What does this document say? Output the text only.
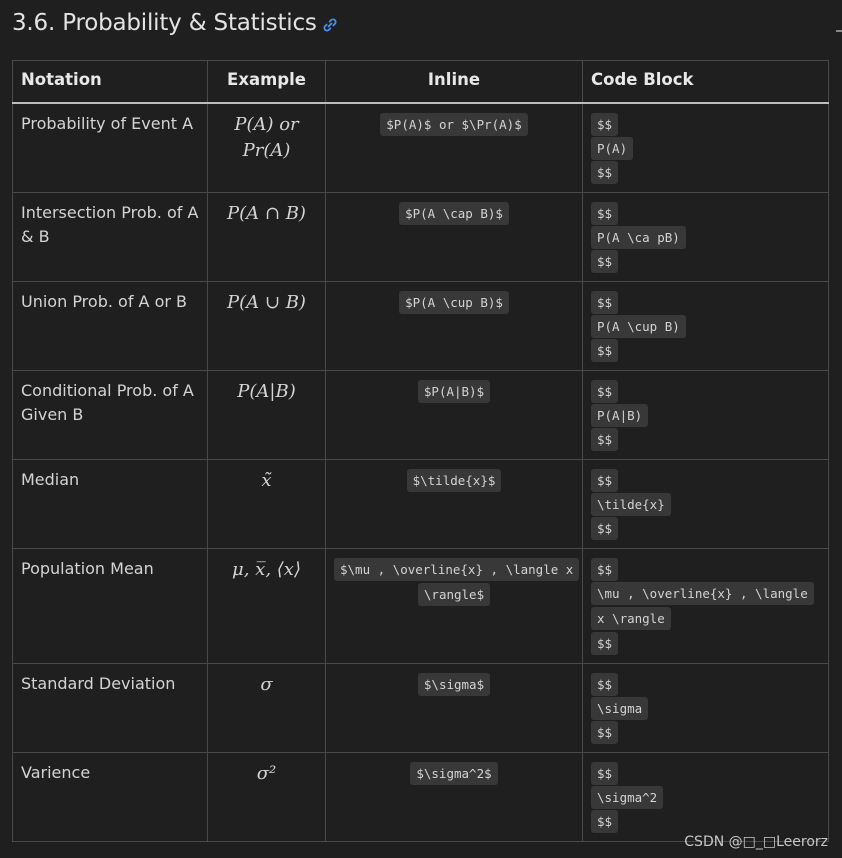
3.6. Probability & Statistics
Notation	Example	Inline	Code Block
Probability of Event A	P(A) or Pr(A)	$P(A)$ or $\Pr(A)$	$$
P(A)
$$

Intersection Prob. of A & B	P(A ∩ B)	$P(A \cap B)$	$$
P(A \ca pB)
$$

Union Prob. of A or B	P(A ∪ B)	$P(A \cup B)$	$$
P(A \cup B)
$$

Conditional Prob. of A Given B	P(A|B)	$P(A|B)$	$$
P(A|B)
$$

Median	x̃	$\tilde{x}$	$$
\tilde{x}
$$

Population Mean	μ, x̅, ⟨x⟩	$\mu , \overline{x} , \langle x \rangle$	$$
\mu , \overline{x} , \langle x \rangle
$$

Standard Deviation	σ	$\sigma$	$$
\sigma
$$

Varience	σ²	$\sigma^2$	$$
\sigma^2
$$
CSDN @□_□Leerorz
